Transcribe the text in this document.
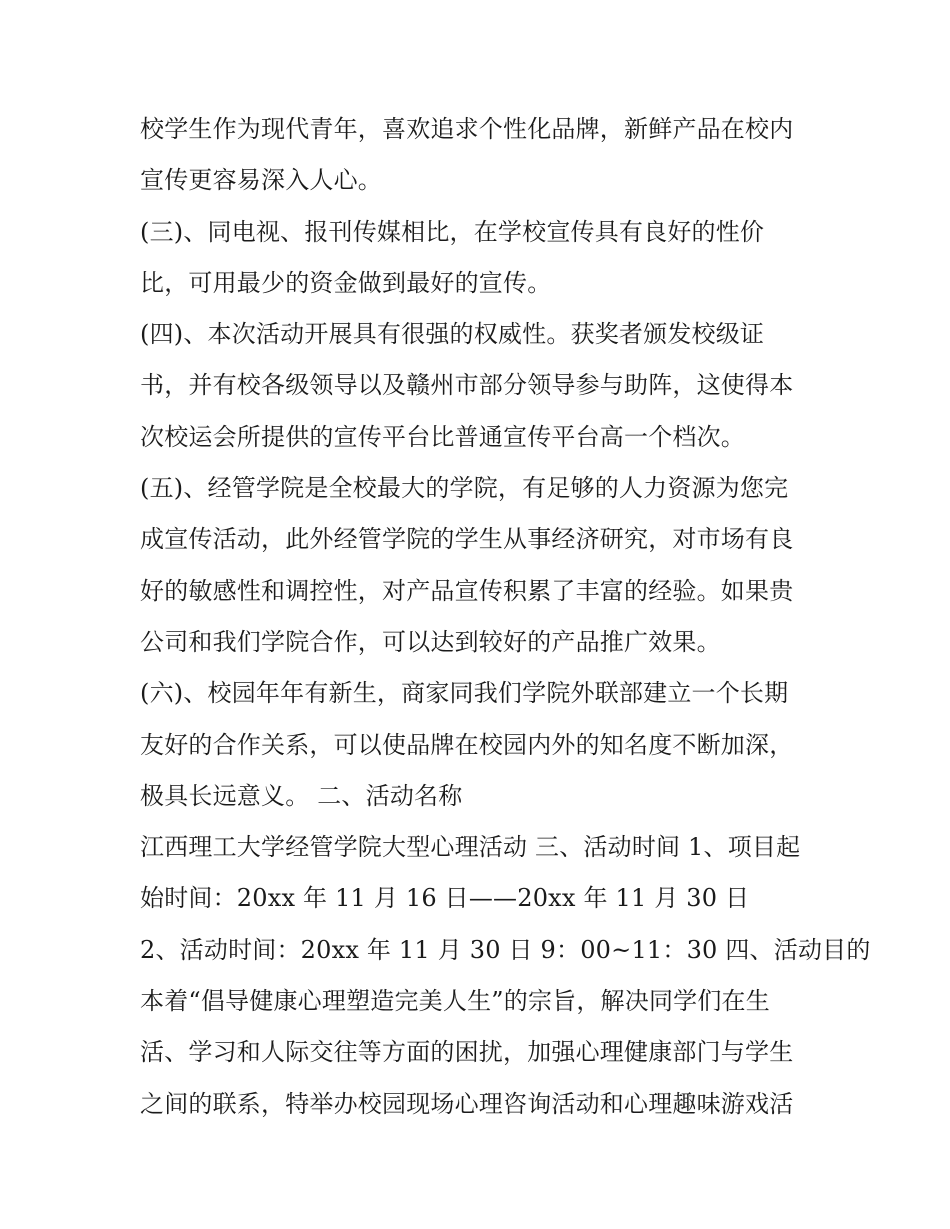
校学生作为现代青年，喜欢追求个性化品牌，新鲜产品在校内
宣传更容易深入人心。
(三)、同电视、报刊传媒相比，在学校宣传具有良好的性价
比，可用最少的资金做到最好的宣传。
(四)、本次活动开展具有很强的权威性。获奖者颁发校级证
书，并有校各级领导以及赣州市部分领导参与助阵，这使得本
次校运会所提供的宣传平台比普通宣传平台高一个档次。
(五)、经管学院是全校最大的学院，有足够的人力资源为您完
成宣传活动，此外经管学院的学生从事经济研究，对市场有良
好的敏感性和调控性，对产品宣传积累了丰富的经验。如果贵
公司和我们学院合作，可以达到较好的产品推广效果。
(六)、校园年年有新生，商家同我们学院外联部建立一个长期
友好的合作关系，可以使品牌在校园内外的知名度不断加深，
极具长远意义。 二、活动名称
江西理工大学经管学院大型心理活动 三、活动时间 1、项目起
始时间：20xx 年 11 月 16 日——20xx 年 11 月 30 日
2、活动时间：20xx 年 11 月 30 日 9：00~11：30 四、活动目的
本着“倡导健康心理塑造完美人生”的宗旨，解决同学们在生
活、学习和人际交往等方面的困扰，加强心理健康部门与学生
之间的联系，特举办校园现场心理咨询活动和心理趣味游戏活
